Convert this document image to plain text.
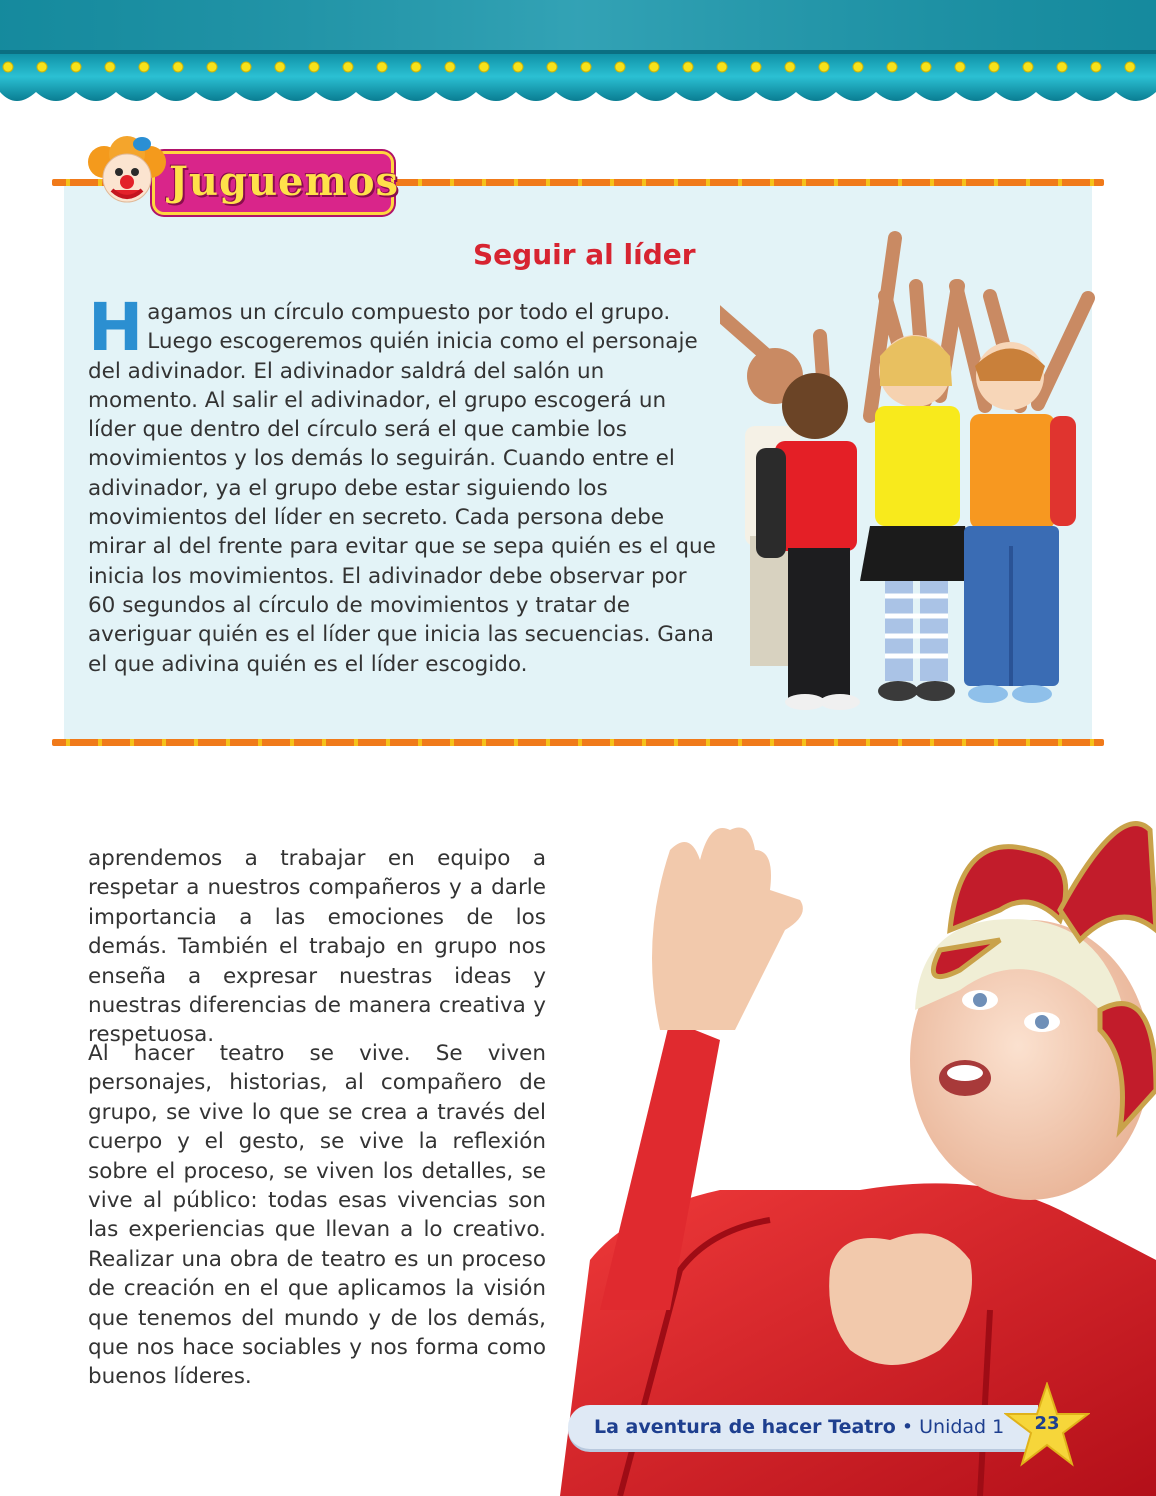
Juguemos
Seguir al líder
Hagamos un círculo compuesto por todo el grupo. Luego escogeremos quién inicia como el personaje del adivinador. El adivinador saldrá del salón un momento. Al salir el adivinador, el grupo escogerá un líder que dentro del círculo será el que cambie los movimientos y los demás lo seguirán. Cuando entre el adivinador, ya el grupo debe estar siguiendo los movimientos del líder en secreto. Cada persona debe mirar al del frente para evitar que se sepa quién es el que inicia los movimientos. El adivinador debe observar por 60 segundos al círculo de movimientos y tratar de averiguar quién es el líder que inicia las secuencias. Gana el que adivina quién es el líder escogido.
aprendemos a trabajar en equipo a respetar a nuestros compañeros y a darle importancia a las emociones de los demás. También el trabajo en grupo nos enseña a expresar nuestras ideas y nuestras diferencias de manera creativa y respetuosa.
Al hacer teatro se vive. Se viven personajes, historias, al compañero de grupo, se vive lo que se crea a través del cuerpo y el gesto, se vive la reflexión sobre el proceso, se viven los detalles, se vive al público: todas esas vivencias son las experiencias que llevan a lo creativo. Realizar una obra de teatro es un proceso de creación en el que aplicamos la visión que tenemos del mundo y de los demás, que nos hace sociables y nos forma como buenos líderes.
La aventura de hacer Teatro • Unidad 1 23
